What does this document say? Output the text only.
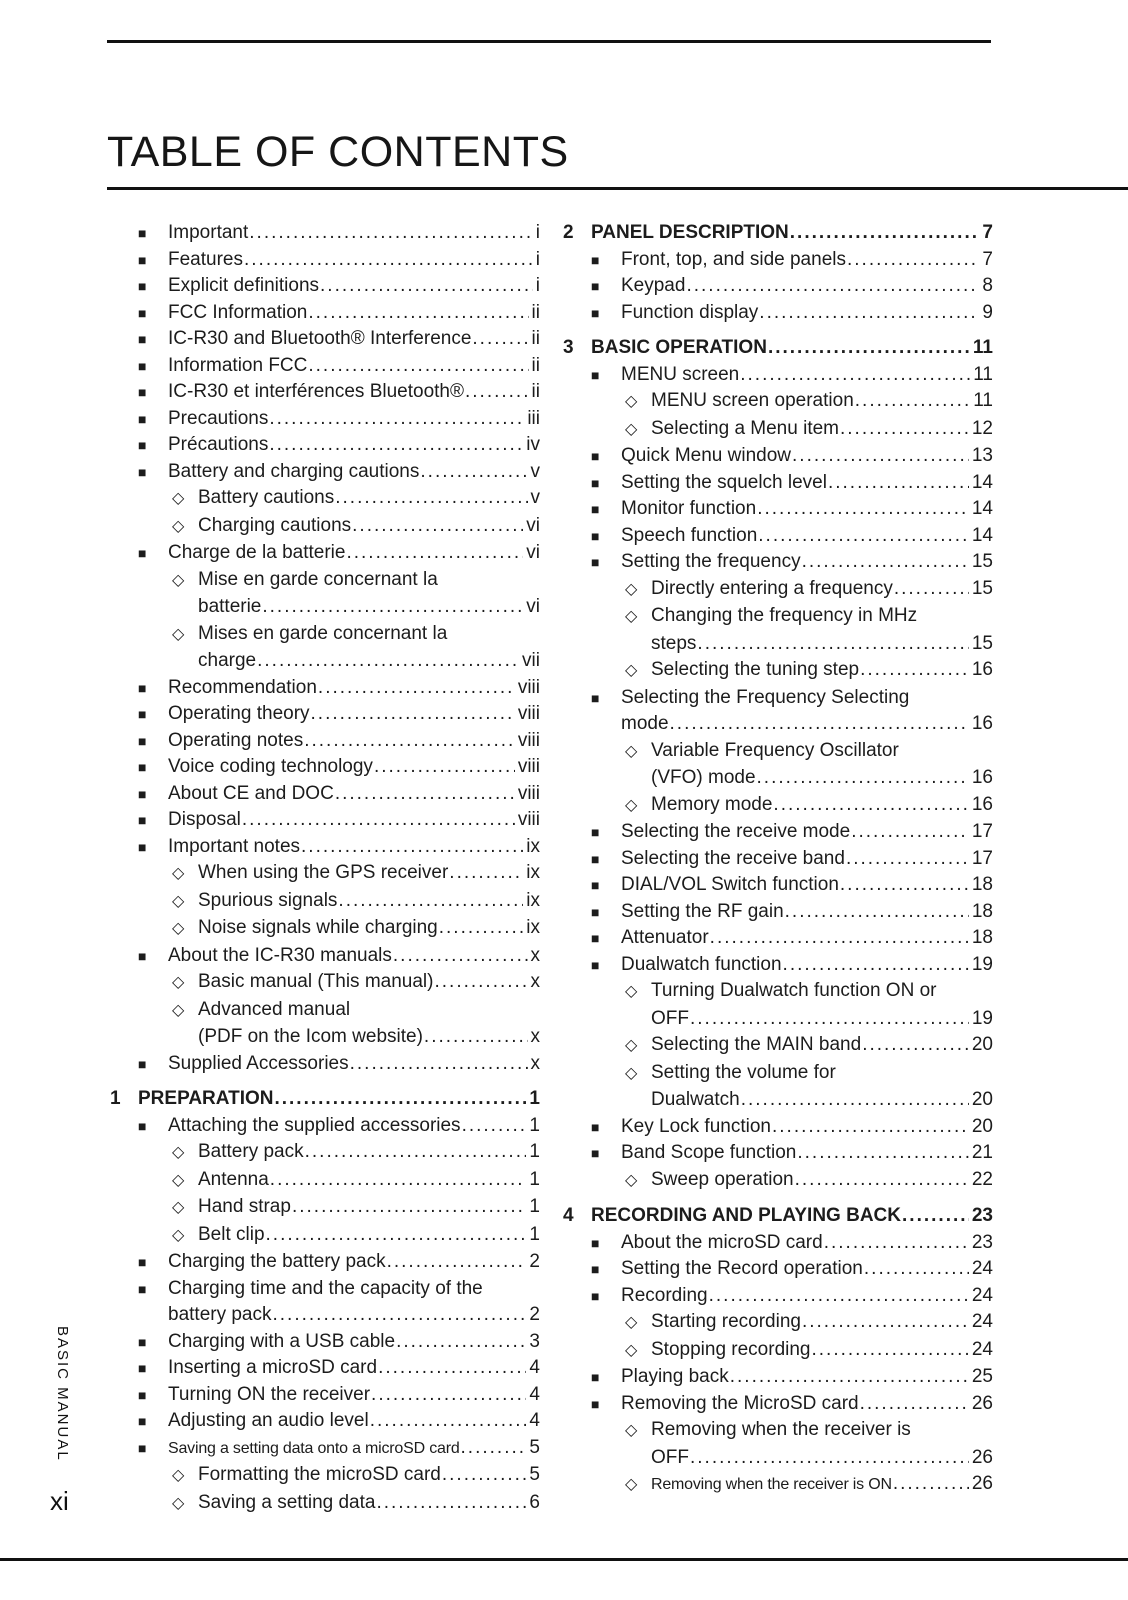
TABLE OF CONTENTS
■	Important .....	i
■	Features .....	i
■	Explicit definitions .....	i
■	FCC Information .....	ii
■	IC-R30 and Bluetooth® Interference .....	ii
■	Information FCC .....	ii
■	IC-R30 et interférences Bluetooth® .....	ii
■	Precautions .....	iii
■	Précautions .....	iv
■	Battery and charging cautions .....	v
◇ Battery cautions .....	v
◇ Charging cautions .....	vi
■	Charge de la batterie .....	vi
◇ Mise en garde concernant la
batterie .....	vi
◇ Mises en garde concernant la
charge .....	vii
■	Recommendation .....	viii
■	Operating theory .....	viii
■	Operating notes .....	viii
■	Voice coding technology .....	viii
■	About CE and DOC .....	viii
■	Disposal .....	viii
■	Important notes .....	ix
◇ When using the GPS receiver .....	ix
◇ Spurious signals .....	ix
◇ Noise signals while charging .....	ix
■	About the IC-R30 manuals .....	x
◇ Basic manual (This manual) .....	x
◇ Advanced manual
(PDF on the Icom website) .....	x
■	Supplied Accessories .....	x
1 PREPARATION .....	1
■	Attaching the supplied accessories .....	1
◇ Battery pack .....	1
◇ Antenna .....	1
◇ Hand strap .....	1
◇ Belt clip .....	1
■	Charging the battery pack .....	2
■	Charging time and the capacity of the
battery pack .....	2
■	Charging with a USB cable .....	3
■	Inserting a microSD card .....	4
■	Turning ON the receiver .....	4
■	Adjusting an audio level .....	4
■	Saving a setting data onto a microSD card .....	5
◇ Formatting the microSD card .....	5
◇ Saving a setting data .....	6
2 PANEL DESCRIPTION .....	7
■	Front, top, and side panels .....	7
■	Keypad .....	8
■	Function display .....	9
3 BASIC OPERATION .....	11
■	MENU screen .....	11
◇ MENU screen operation .....	11
◇ Selecting a Menu item .....	12
■	Quick Menu window .....	13
■	Setting the squelch level .....	14
■	Monitor function .....	14
■	Speech function .....	14
■	Setting the frequency .....	15
◇ Directly entering a frequency .....	15
◇ Changing the frequency in MHz
steps .....	15
◇ Selecting the tuning step .....	16
■	Selecting the Frequency Selecting
mode .....	16
◇ Variable Frequency Oscillator
(VFO) mode .....	16
◇ Memory mode .....	16
■	Selecting the receive mode .....	17
■	Selecting the receive band .....	17
■	DIAL/VOL Switch function .....	18
■	Setting the RF gain .....	18
■	Attenuator .....	18
■	Dualwatch function .....	19
◇ Turning Dualwatch function ON or
OFF .....	19
◇ Selecting the MAIN band .....	20
◇ Setting the volume for
Dualwatch .....	20
■	Key Lock function .....	20
■	Band Scope function .....	21
◇ Sweep operation .....	22
4 RECORDING AND PLAYING BACK .....	23
■	About the microSD card .....	23
■	Setting the Record operation .....	24
■	Recording .....	24
◇ Starting recording .....	24
◇ Stopping recording .....	24
■	Playing back .....	25
■	Removing the MicroSD card .....	26
◇ Removing when the receiver is
OFF .....	26
◇ Removing when the receiver is ON .....	26
BASIC MANUAL
xi
